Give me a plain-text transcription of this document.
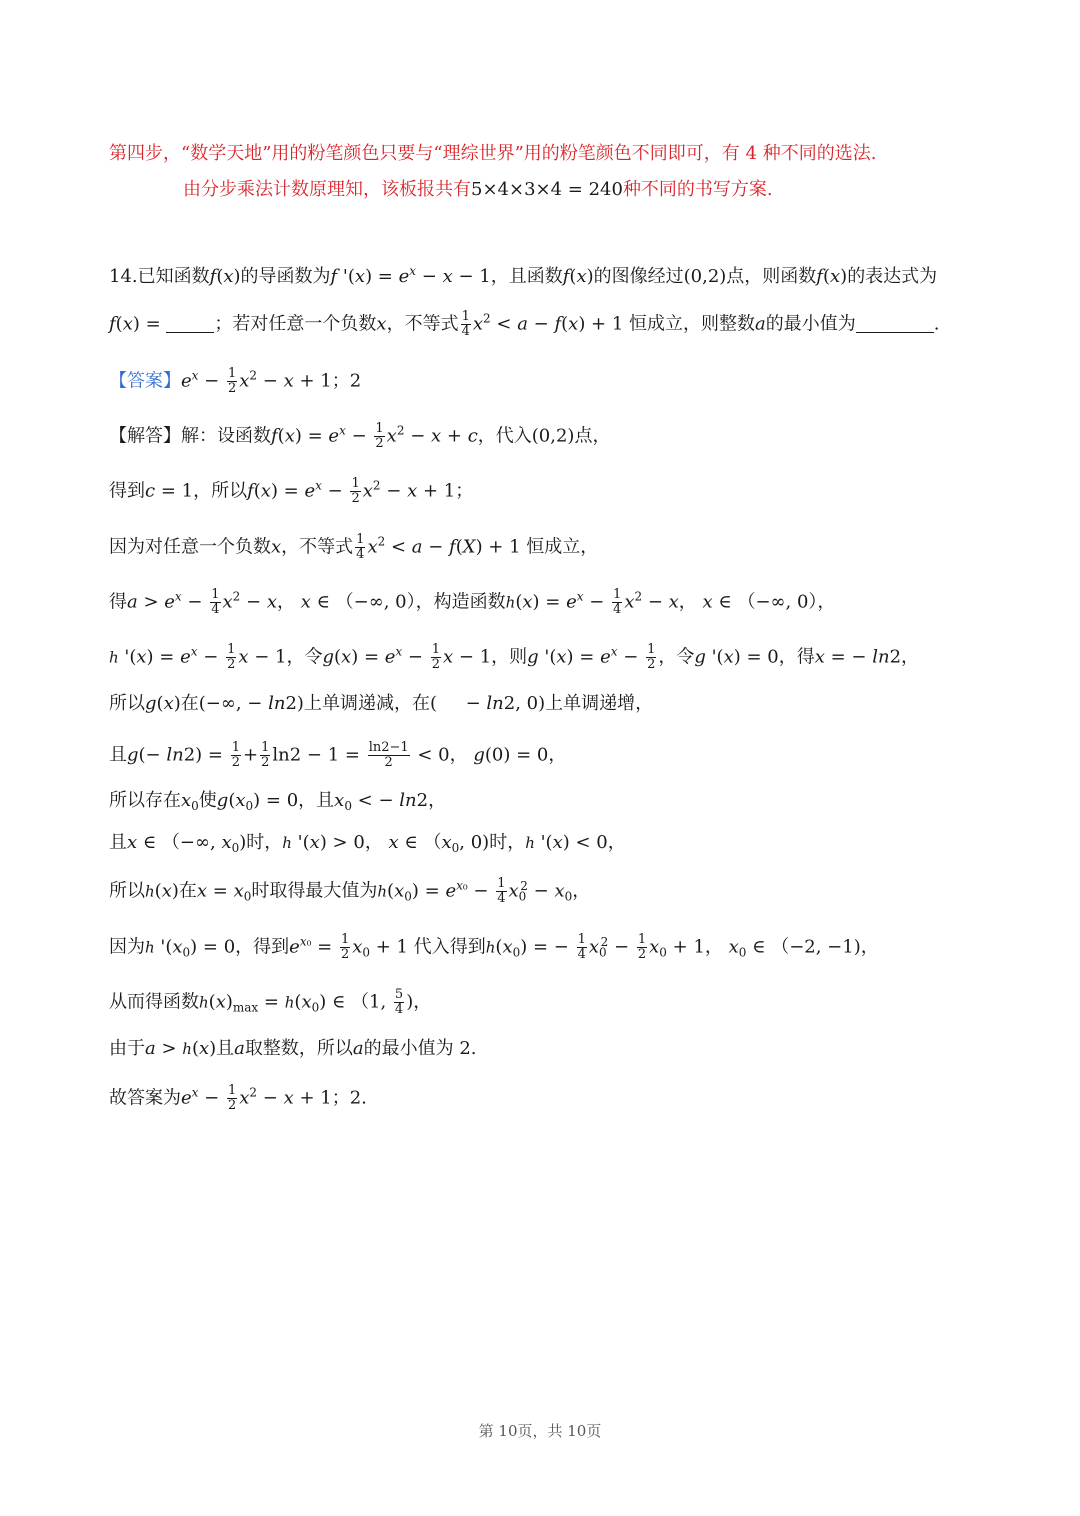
第四步，“数学天地”用的粉笔颜色只要与“理综世界”用的粉笔颜色不同即可，有 4 种不同的选法.
由分步乘法计数原理知，该板报共有5×4×3×4 = 240种不同的书写方案.
14.已知函数f(x)的导函数为f '$(x) = e^x - x - 1$，且函数f(x)的图像经过(0,2)点，则函数f(x)的表达式为
f(x) =	；若对任意一个负数x，不等式 $\frac{1}{4} x^2 < a - f(x) + 1$ 恒成立，则整数a的最小值为	.
【答案】$e^x - \frac{1}{2} x^2 - x + 1$；2
【解答】解：设函数$f(x) = e^x - \frac{1}{2} x^2 - x + c$，代入(0,2)点，
得到c = 1，所以$f(x) = e^x - \frac{1}{2} x^2 - x + 1$；
因为对任意一个负数x，不等式 $\frac{1}{4} x^2 < a - f(X) + 1$ 恒成立，
得$a > e^x - \frac{1}{4} x^2 - x$， x ∈ （−∞, 0），构造函数ℎ(x) = $e^x - \frac{1}{4} x^2 - x$， x ∈ （−∞, 0），
ℎ '$(x) = e^x - \frac{1}{2}$ x − 1，令$g(x) = e^x - \frac{1}{2}$ x − 1，则g '$(x) = e^x - \frac{1}{2}$ ，令g '(x) = 0，得x = − ln2，
所以g(x)在(−∞, − ln2)上单调递减，在(     − ln2, 0)上单调递增，
且$g(- \ln 2) = \frac{1}{2} + \frac{1}{2} \ln 2 - 1 = \frac{\ln 2-1}{2} < 0$， g(0) = 0，
所以存在$x_0$使$g(x_0) = 0$，且$x_0$ < − ln2，
且x ∈ （−∞, $x_0$)时，ℎ '(x) > 0， x ∈ （$x_0$, 0)时，ℎ '(x) < 0，
所以ℎ(x)在$x = x_0$时取得最大值为$ℎ(x_0) = e^{x_0} - \frac{1}{4} x_0^2 - x_0$，
因为ℎ '$(x_0) = 0$，得到$e^{x_0} = \frac{1}{2} x_0 + 1$ 代入得到$ℎ(x_0)$ = − $\frac{1}{4} x_0^2 - \frac{1}{2} x_0 + 1$， $x_0$ ∈ （−2, −1)，
从而得函数$ℎ(x)_{max}$ = $ℎ(x_0)$ ∈ （1, $\frac{5}{4}$ )，
由于a > ℎ(x)且a取整数，所以a的最小值为 2.
故答案为$e^x - \frac{1}{2} x^2 - x + 1$；2.
第 10页，共 10页
